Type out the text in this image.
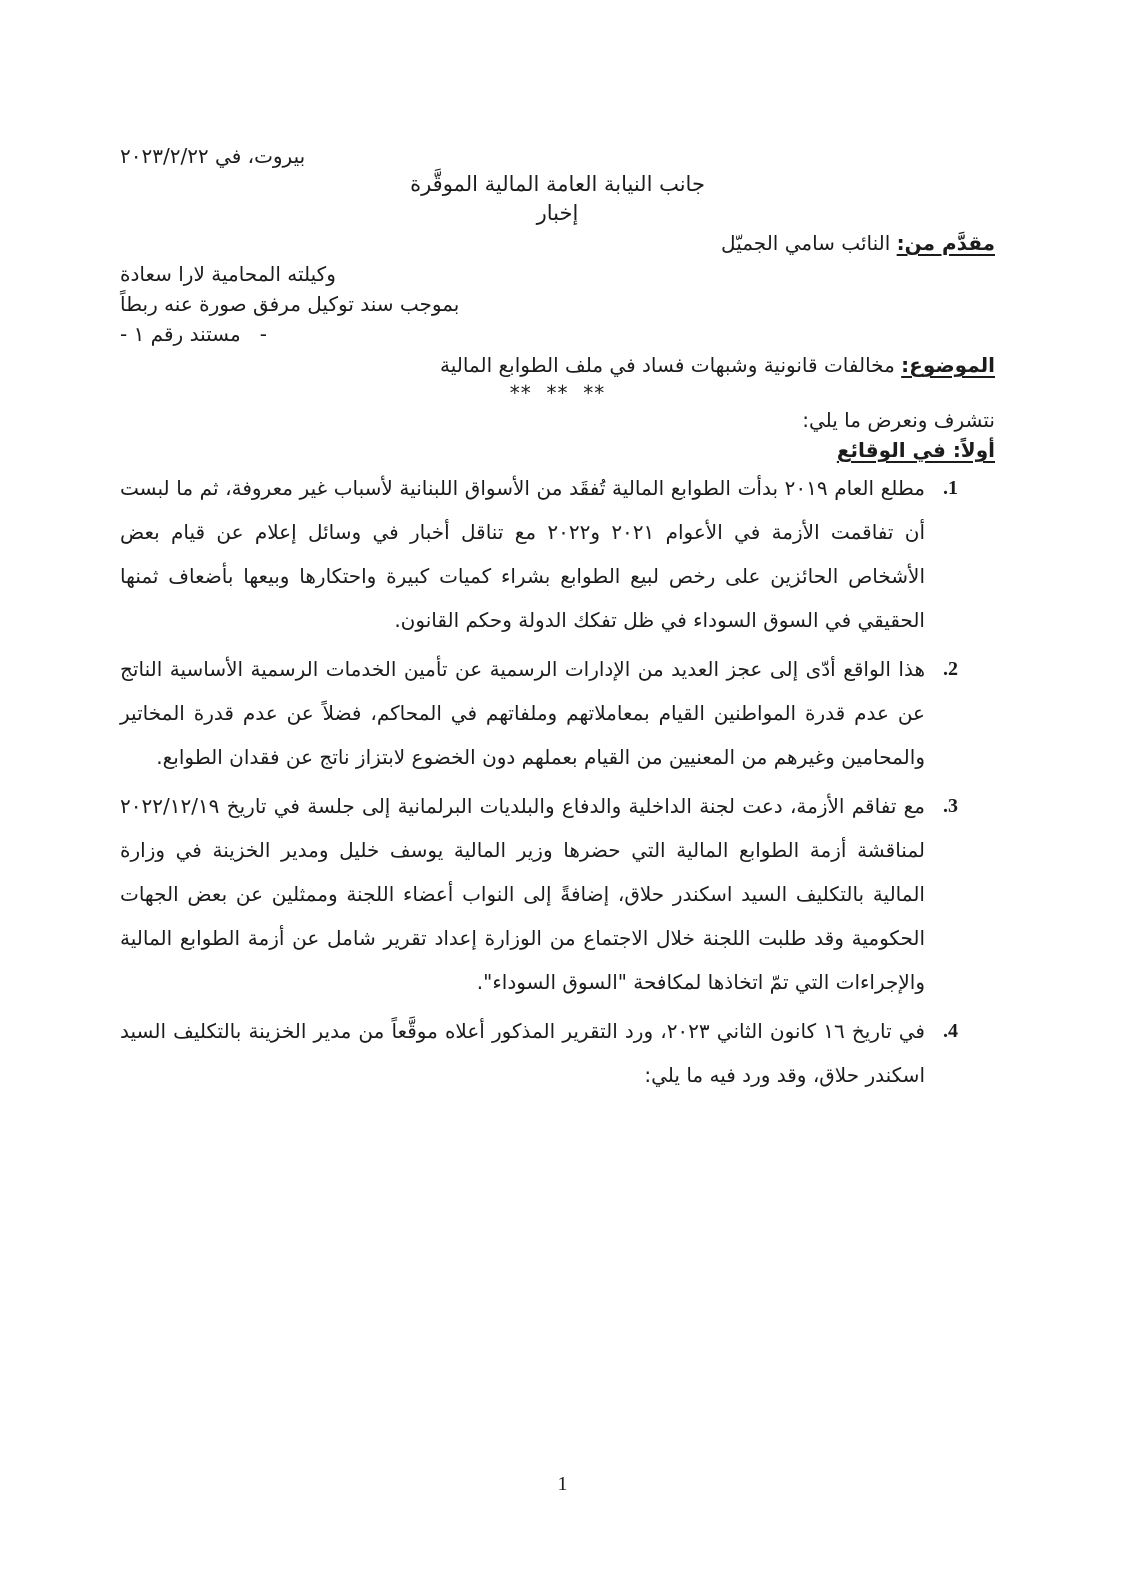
بيروت، في ٢٠٢٣/٢/٢٢

جانب النيابة العامة المالية الموقَّرة
إخبار

مقدَّم من: النائب سامي الجميّل

وكيلته المحامية لارا سعادة

بموجب سند توكيل مرفق صورة عنه ربطاً

-   مستند رقم ١ -

الموضوع: مخالفات قانونية وشبهات فساد في ملف الطوابع المالية

**  **  **

نتشرف ونعرض ما يلي:

أولاً: في الوقائع

1.
مطلع العام ٢٠١٩ بدأت الطوابع المالية تُفقَد من الأسواق اللبنانية لأسباب غير معروفة، ثم ما لبست أن تفاقمت الأزمة في الأعوام ٢٠٢١ و٢٠٢٢ مع تناقل أخبار في وسائل إعلام عن قيام بعض الأشخاص الحائزين على رخص لبيع الطوابع بشراء كميات كبيرة واحتكارها وبيعها بأضعاف ثمنها الحقيقي في السوق السوداء في ظل تفكك الدولة وحكم القانون.
2.
هذا الواقع أدّى إلى عجز العديد من الإدارات الرسمية عن تأمين الخدمات الرسمية الأساسية الناتج عن عدم قدرة المواطنين القيام بمعاملاتهم وملفاتهم في المحاكم، فضلاً عن عدم قدرة المخاتير والمحامين وغيرهم من المعنيين من القيام بعملهم دون الخضوع لابتزاز ناتج عن فقدان الطوابع.
3.
مع تفاقم الأزمة، دعت لجنة الداخلية والدفاع والبلديات البرلمانية إلى جلسة في تاريخ ٢٠٢٢/١٢/١٩ لمناقشة أزمة الطوابع المالية التي حضرها وزير المالية يوسف خليل ومدير الخزينة في وزارة المالية بالتكليف السيد اسكندر حلاق، إضافةً إلى النواب أعضاء اللجنة وممثلين عن بعض الجهات الحكومية وقد طلبت اللجنة خلال الاجتماع من الوزارة إعداد تقرير شامل عن أزمة الطوابع المالية والإجراءات التي تمّ اتخاذها لمكافحة "السوق السوداء".
4.
في تاريخ ١٦ كانون الثاني ٢٠٢٣، ورد التقرير المذكور أعلاه موقَّعاً من مدير الخزينة بالتكليف السيد اسكندر حلاق، وقد ورد فيه ما يلي:
1
